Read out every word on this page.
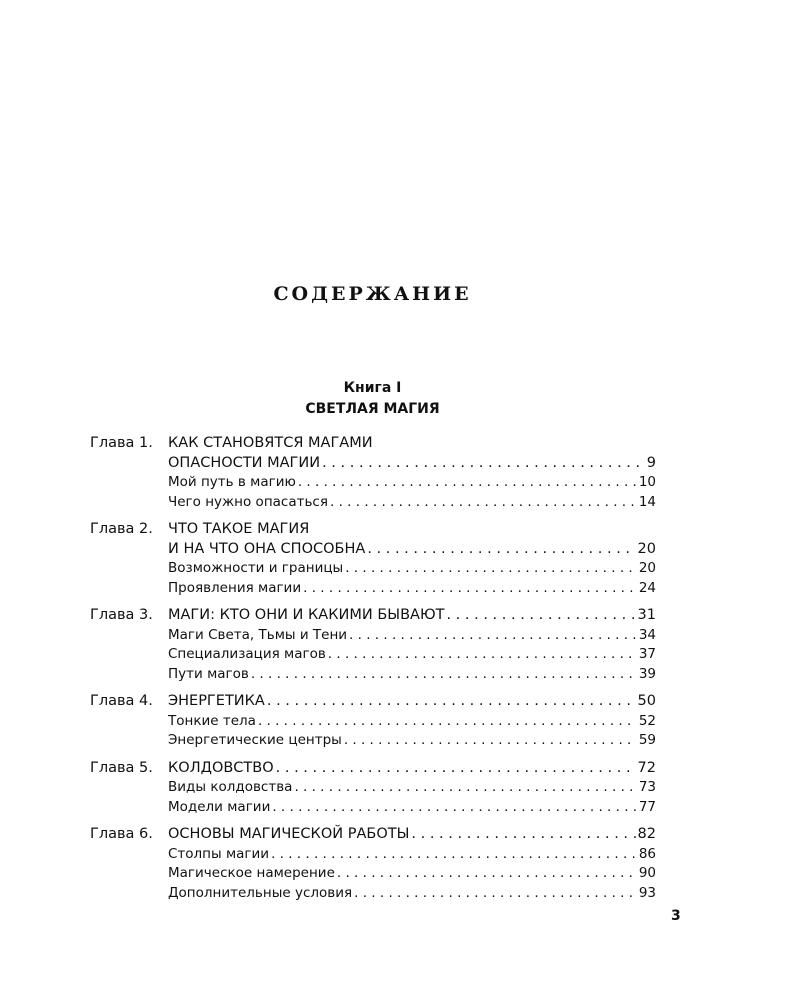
СОДЕРЖАНИЕ
Книга I
СВЕТЛАЯ МАГИЯ
Глава 1.	КАК СТАНОВЯТСЯ МАГАМИ
ОПАСНОСТИ МАГИИ . . .	9
Мой путь в магию . . .	10
Чего нужно опасаться . . .	14
Глава 2.	ЧТО ТАКОЕ МАГИЯ
И НА ЧТО ОНА СПОСОБНА . . .	20
Возможности и границы . . .	20
Проявления магии . . .	24
Глава 3.	МАГИ: КТО ОНИ И КАКИМИ БЫВАЮТ . . .	31
Маги Света, Тьмы и Тени . . .	34
Специализация магов . . .	37
Пути магов . . .	39
Глава 4.	ЭНЕРГЕТИКА . . .	50
Тонкие тела . . .	52
Энергетические центры . . .	59
Глава 5.	КОЛДОВСТВО . . .	72
Виды колдовства . . .	73
Модели магии . . .	77
Глава 6.	ОСНОВЫ МАГИЧЕСКОЙ РАБОТЫ . . .	82
Столпы магии . . .	86
Магическое намерение . . .	90
Дополнительные условия . . .	93
3
